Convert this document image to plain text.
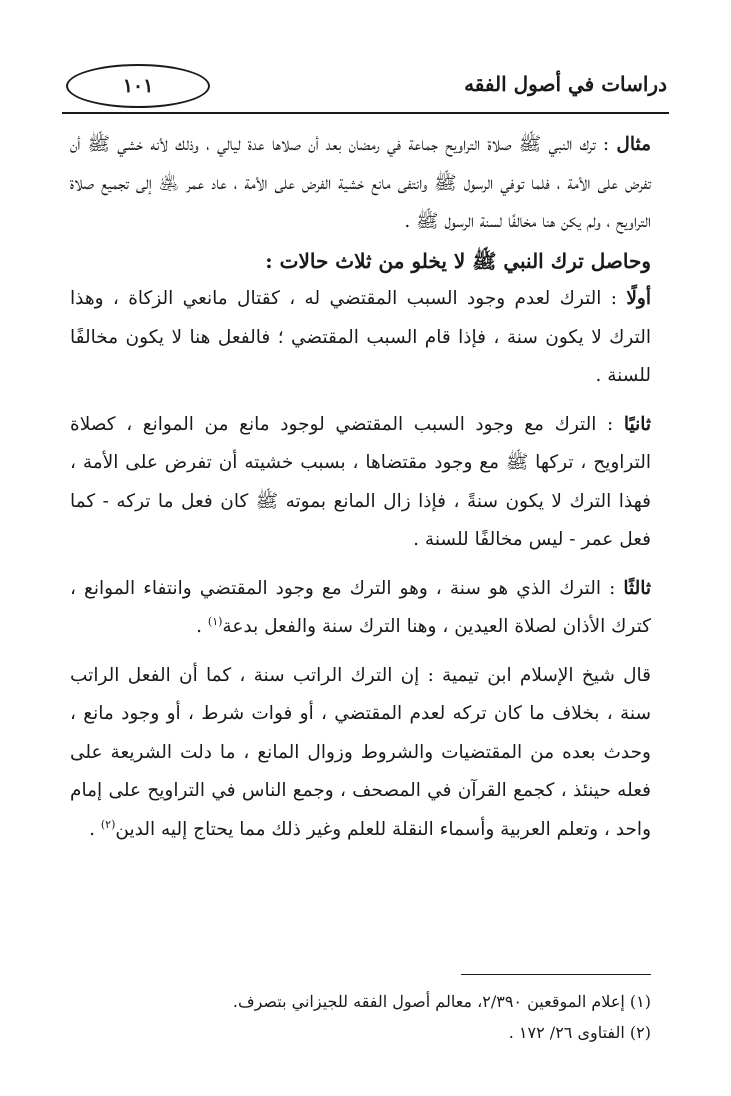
دراسات في أصول الفقه
١٠١

مثال : ترك النبي ﷺ صلاة التراويح جماعة في رمضان بعد أن صلاها عدة ليالي ، وذلك لأنه خشي ﷺ أن تفرض على الأمة ، فلما توفي الرسول ﷺ وانتفى مانع خشية الفرض على الأمة ، عاد عمر ﵁ إلى تجميع صلاة التراويح ، ولم يكن هنا مخالفًا لسنة الرسول ﷺ .

وحاصل ترك النبي ﷺ لا يخلو من ثلاث حالات :

أولًا : الترك لعدم وجود السبب المقتضي له ، كقتال مانعي الزكاة ، وهذا الترك لا يكون سنة ، فإذا قام السبب المقتضي ؛ فالفعل هنا لا يكون مخالفًا للسنة .

ثانيًا : الترك مع وجود السبب المقتضي لوجود مانع من الموانع ، كصلاة التراويح ، تركها ﷺ مع وجود مقتضاها ، بسبب خشيته أن تفرض على الأمة ، فهذا الترك لا يكون سنةً ، فإذا زال المانع بموته ﷺ كان فعل ما تركه - كما فعل عمر - ليس مخالفًا للسنة .

ثالثًا : الترك الذي هو سنة ، وهو الترك مع وجود المقتضي وانتفاء الموانع ، كترك الأذان لصلاة العيدين ، وهنا الترك سنة والفعل بدعة$^{(١)}$ .

قال شيخ الإسلام ابن تيمية : إن الترك الراتب سنة ، كما أن الفعل الراتب سنة ، بخلاف ما كان تركه لعدم المقتضي ، أو فوات شرط ، أو وجود مانع ، وحدث بعده من المقتضيات والشروط وزوال المانع ، ما دلت الشريعة على فعله حينئذ ، كجمع القرآن في المصحف ، وجمع الناس في التراويح على إمام واحد ، وتعلم العربية وأسماء النقلة للعلم وغير ذلك مما يحتاج إليه الدين$^{(٢)}$ .

(١) إعلام الموقعين ٢/٣٩٠، معالم أصول الفقه للجيزاني بتصرف.

(٢) الفتاوى ٢٦/ ١٧٢ .
